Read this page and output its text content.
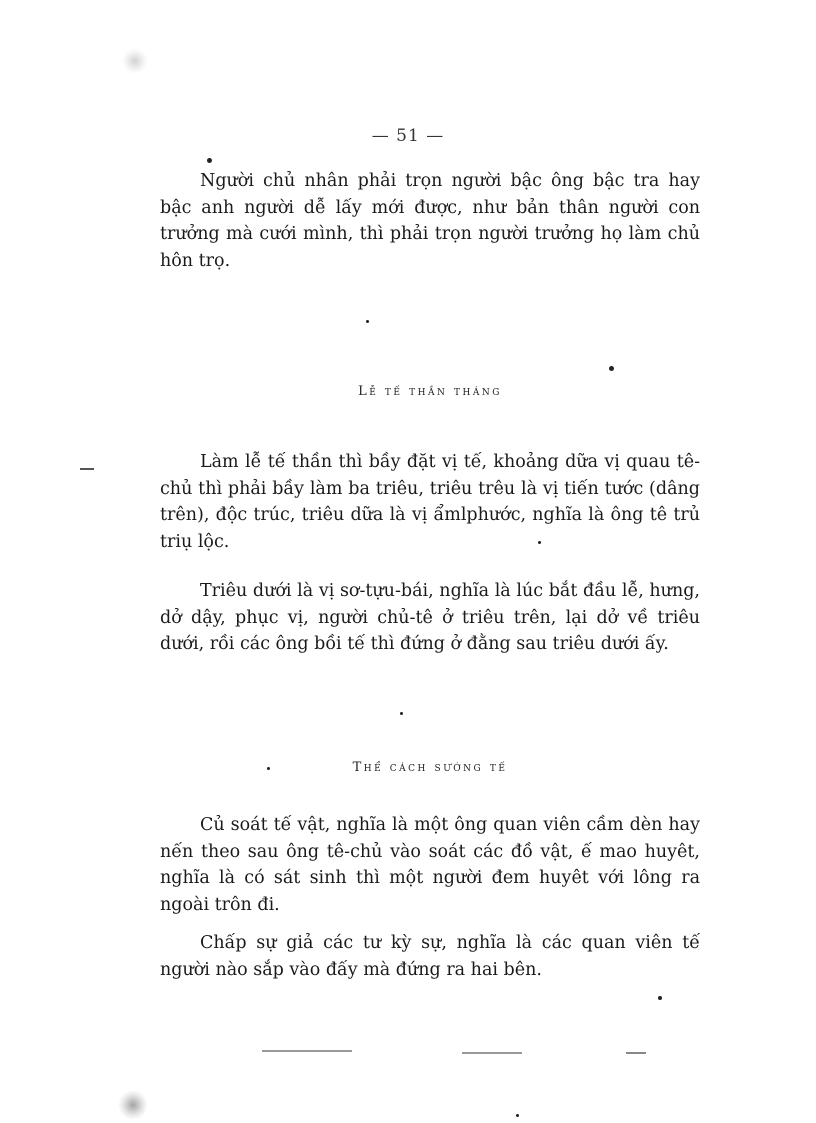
— 51 —

Người chủ nhân phải trọn người bậc ông bậc tra hay bậc anh người dễ lấy mới được, như bản thân người con trưởng mà cưới mình, thì phải trọn người trưởng họ làm chủ hôn trọ.

Lễ tế thần tháng

Làm lễ tế thần thì bầy đặt vị tế, khoảng dữa vị quau tê-chủ thì phải bầy làm ba triêu, triêu trêu là vị tiến tước (dâng trên), độc trúc, triêu dữa là vị ẩmlphước, nghĩa là ông tê trủ triụ lộc.

Triêu dưới là vị sơ-tựu-bái, nghĩa là lúc bắt đầu lễ, hưng, dở dậy, phục vị, người chủ-tê ở triêu trên, lại dở về triêu dưới, rồi các ông bồi tế thì đứng ở đằng sau triêu dưới ấy.

Thể cách sướng tế

Củ soát tế vật, nghĩa là một ông quan viên cầm dèn hay nến theo sau ông tê-chủ vào soát các đồ vật, ế mao huyêt, nghĩa là có sát sinh thì một người đem huyêt với lông ra ngoài trôn đi.

Chấp sự giả các tư kỳ sự, nghĩa là các quan viên tế người nào sắp vào đấy mà đứng ra hai bên.
